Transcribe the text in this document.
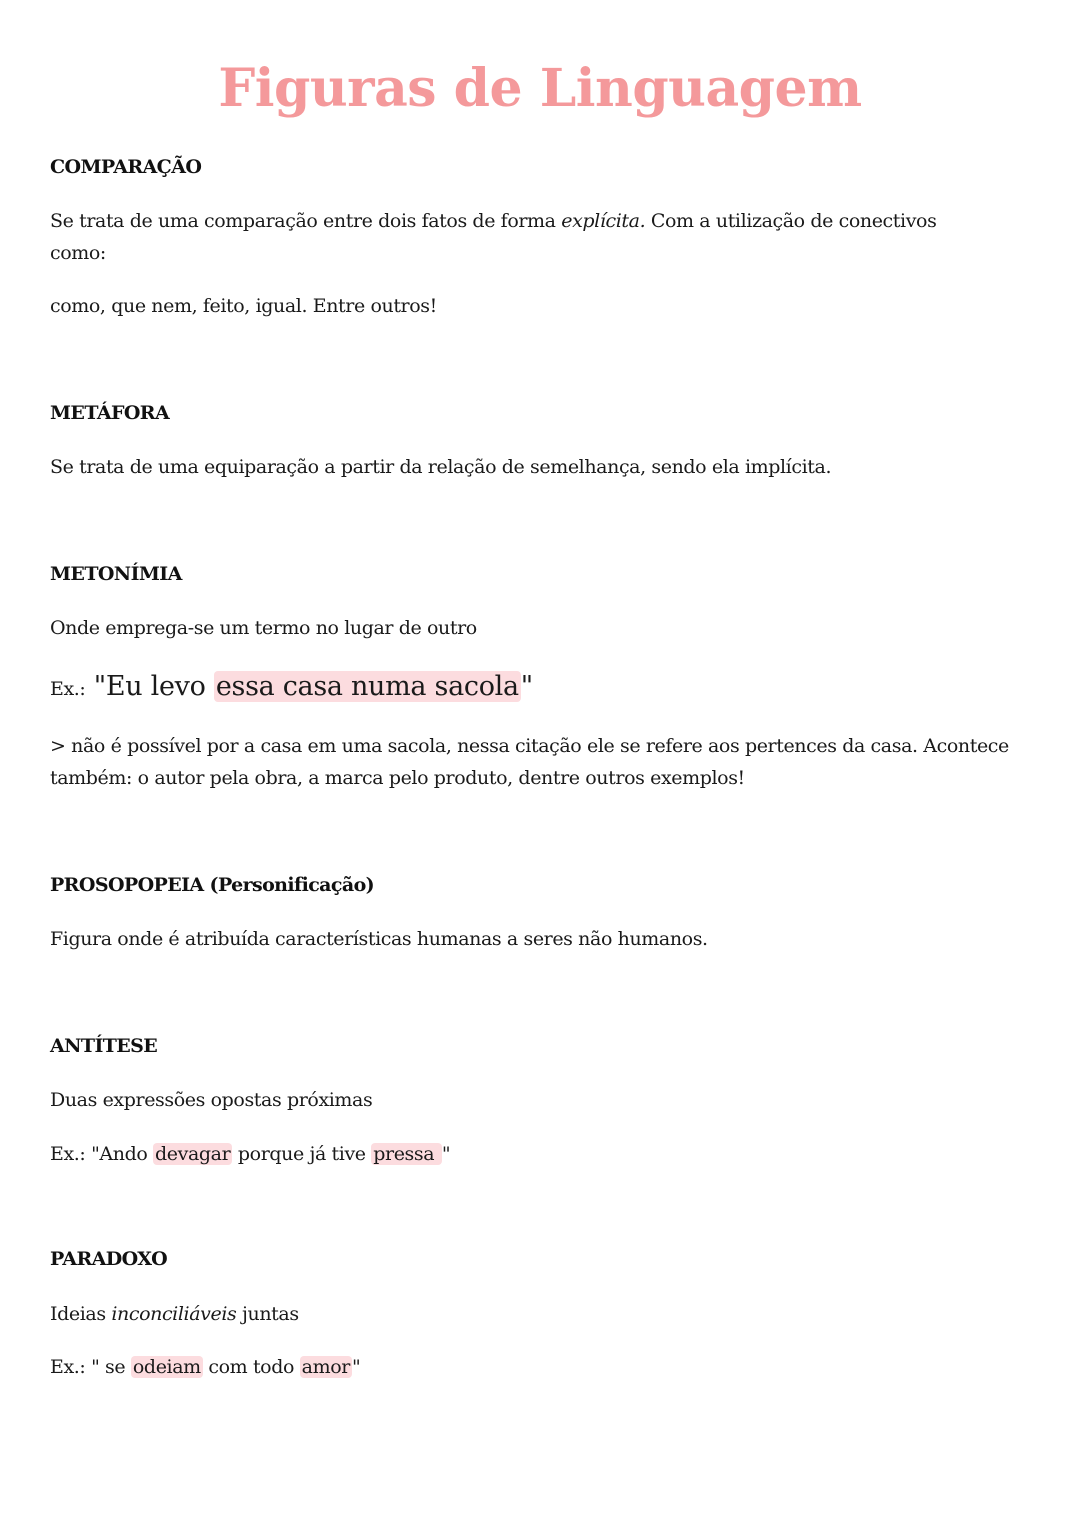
Figuras de Linguagem
COMPARAÇÃO

Se trata de uma comparação entre dois fatos de forma explícita. Com a utilização de conectivos como:

como, que nem, feito, igual. Entre outros!

METÁFORA

Se trata de uma equiparação a partir da relação de semelhança, sendo ela implícita.

METONÍMIA

Onde emprega-se um termo no lugar de outro

Ex.: "Eu levo essa casa numa sacola"

> não é possível por a casa em uma sacola, nessa citação ele se refere aos pertences da casa. Acontece também: o autor pela obra, a marca pelo produto, dentre outros exemplos!

PROSOPOPEIA (Personificação)

Figura onde é atribuída características humanas a seres não humanos.

ANTÍTESE

Duas expressões opostas próximas

Ex.: "Ando devagar porque já tive pressa "

PARADOXO

Ideias inconciliáveis juntas

Ex.: " se odeiam com todo amor "
